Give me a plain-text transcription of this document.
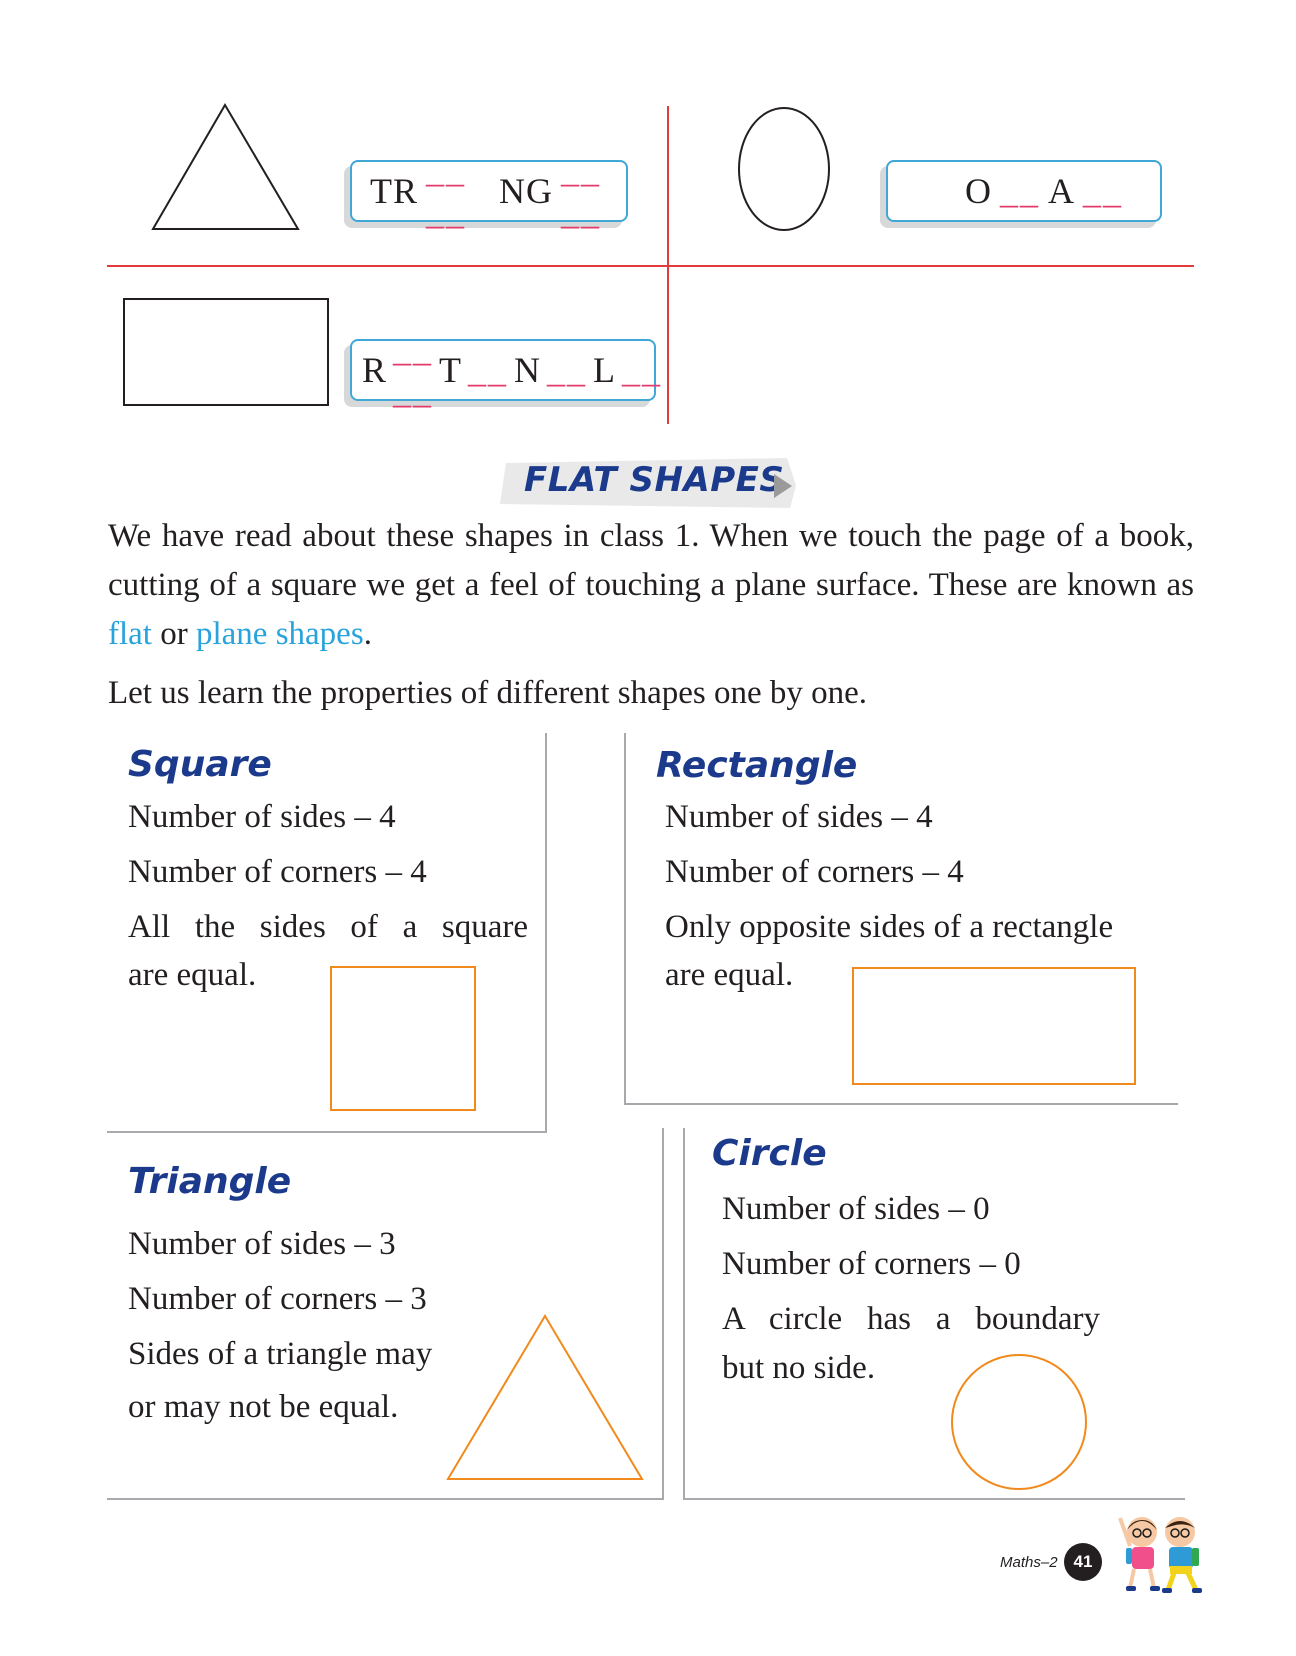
TR
__ __
NG
__ __
O __ A __
R
__ __
T __ N __ L __
FLAT SHAPES
We have read about these shapes in class 1. When we touch the page of a book, cutting of a square we get a feel of touching a plane surface. These are known as flat or plane shapes.
Let us learn the properties of different shapes one by one.
Square
Number of sides – 4
Number of corners – 4
All the sides of a square
are equal.
Rectangle
Number of sides – 4
Number of corners – 4
Only opposite sides of a rectangle
are equal.
Triangle
Number of sides – 3
Number of corners – 3
Sides of a triangle may
or may not be equal.
Circle
Number of sides – 0
Number of corners – 0
A circle has a boundary
but no side.
Maths–2 41
